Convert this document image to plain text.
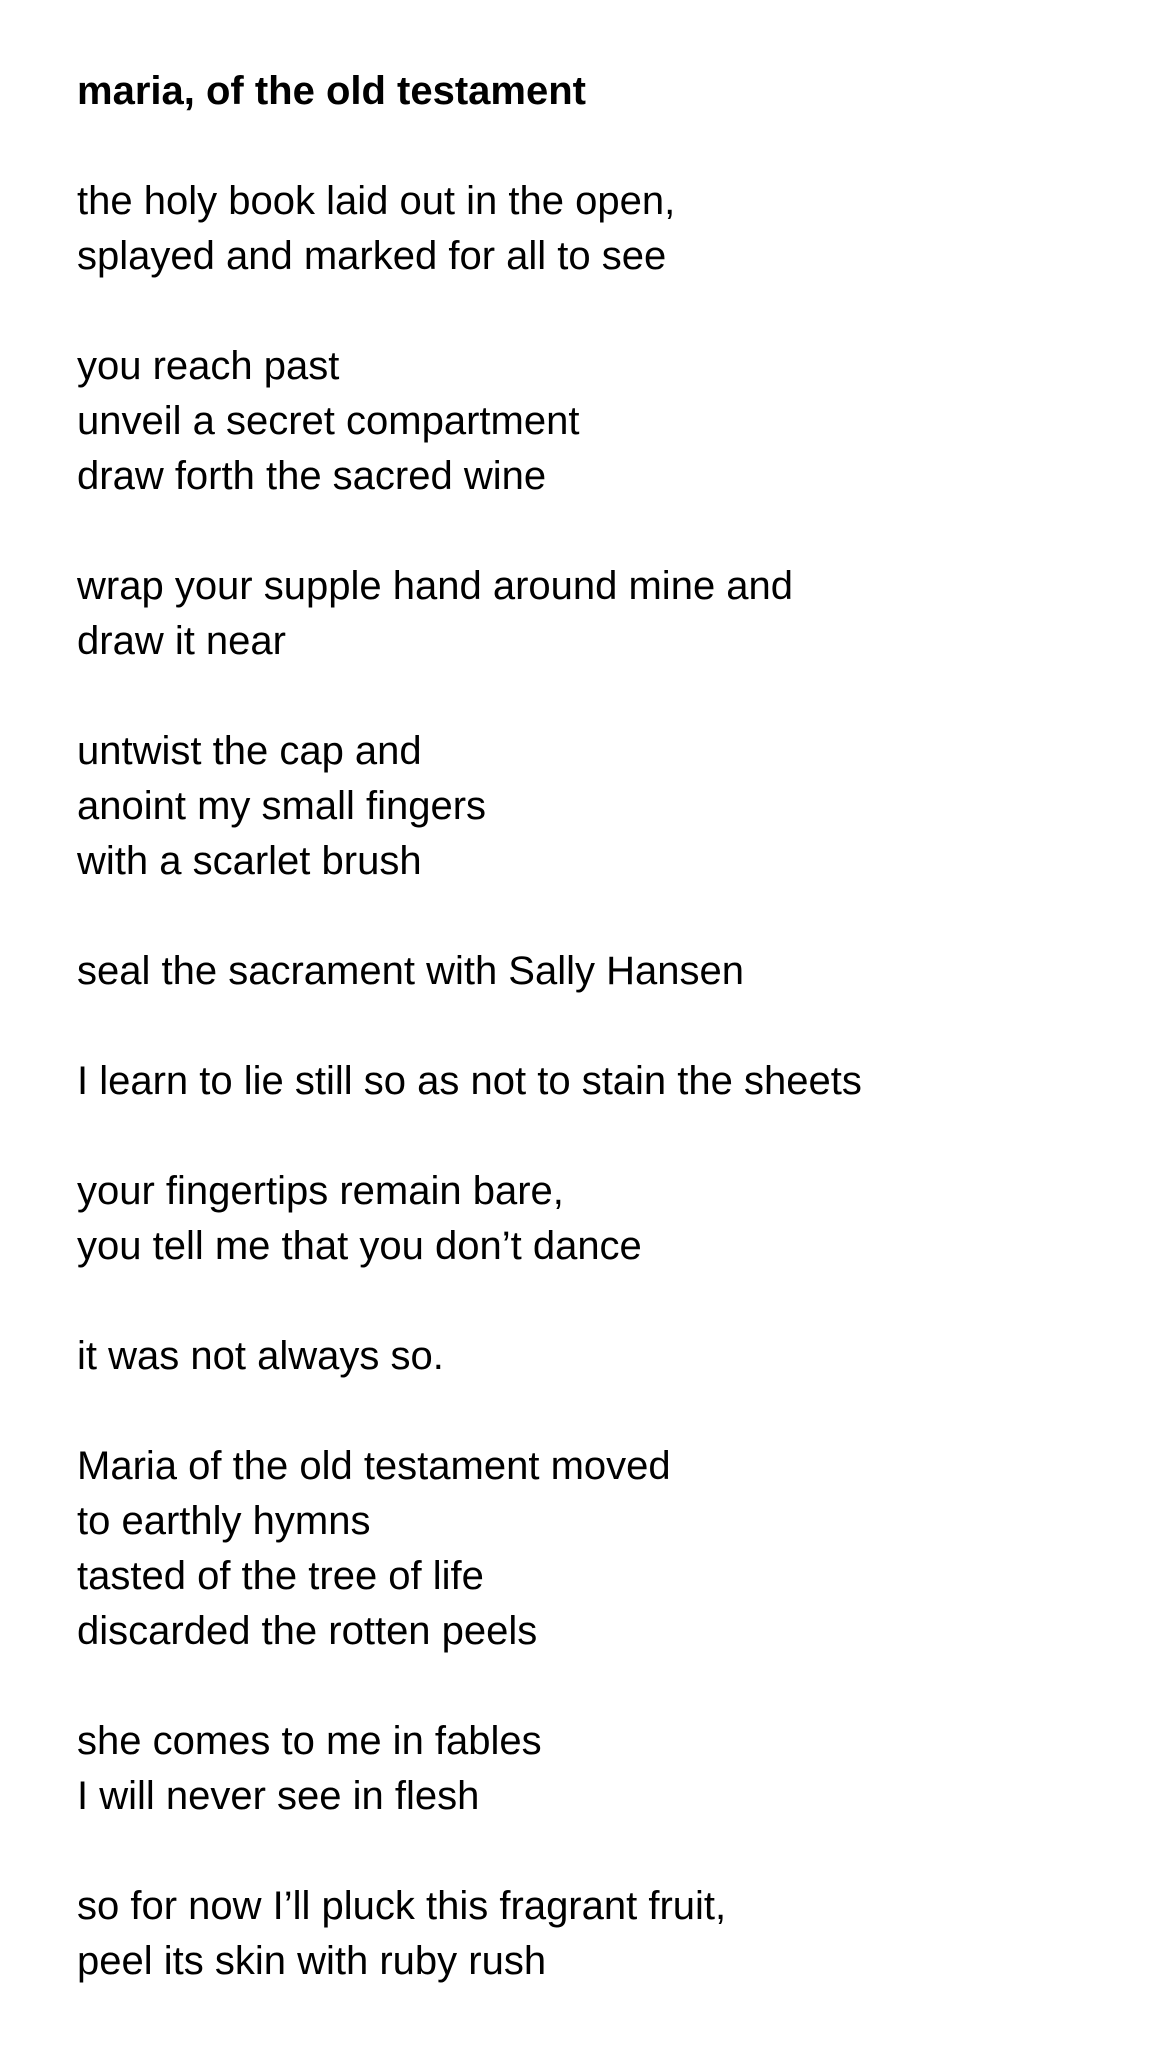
maria, of the old testament
the holy book laid out in the open,
splayed and marked for all to see
you reach past
unveil a secret compartment
draw forth the sacred wine
wrap your supple hand around mine and
draw it near
untwist the cap and
anoint my small fingers
with a scarlet brush
seal the sacrament with Sally Hansen
I learn to lie still so as not to stain the sheets
your fingertips remain bare,
you tell me that you don’t dance
it was not always so.
Maria of the old testament moved
to earthly hymns
tasted of the tree of life
discarded the rotten peels
she comes to me in fables
I will never see in flesh
so for now I’ll pluck this fragrant fruit,
peel its skin with ruby rush
